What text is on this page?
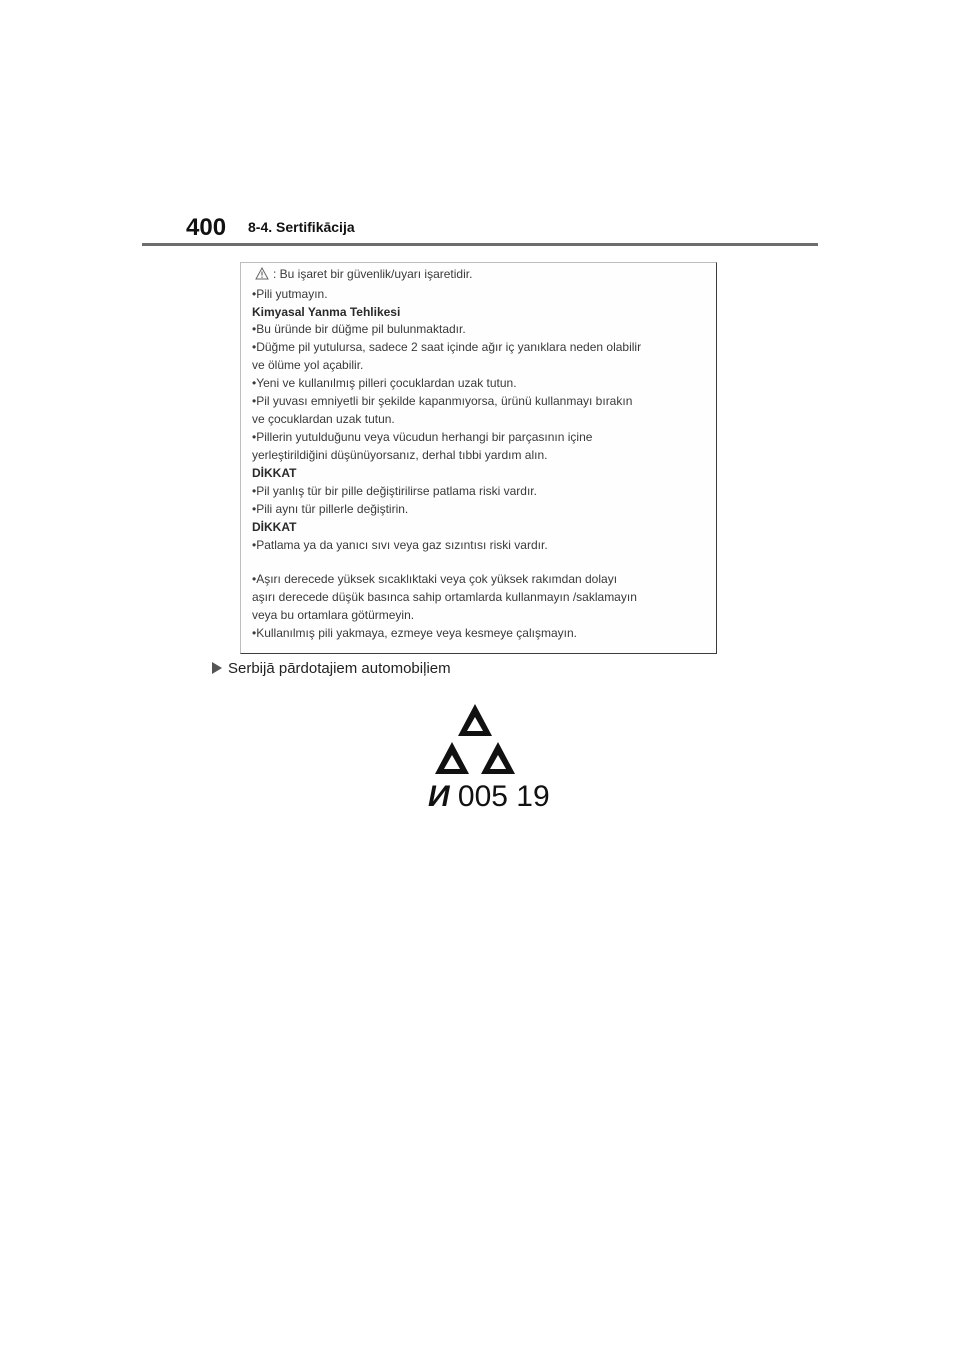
400 8-4. Sertifikācija
: Bu işaret bir güvenlik/uyarı işaretidir.
•Pili yutmayın.
Kimyasal Yanma Tehlikesi
•Bu üründe bir düğme pil bulunmaktadır.
•Düğme pil yutulursa, sadece 2 saat içinde ağır iç yanıklara neden olabilir
ve ölüme yol açabilir.
•Yeni ve kullanılmış pilleri çocuklardan uzak tutun.
•Pil yuvası emniyetli bir şekilde kapanmıyorsa, ürünü kullanmayı bırakın
ve çocuklardan uzak tutun.
•Pillerin yutulduğunu veya vücudun herhangi bir parçasının içine
yerleştirildiğini düşünüyorsanız, derhal tıbbi yardım alın.
DİKKAT
•Pil yanlış tür bir pille değiştirilirse patlama riski vardır.
•Pili aynı tür pillerle değiştirin.
DİKKAT
•Patlama ya da yanıcı sıvı veya gaz sızıntısı riski vardır.
•Aşırı derecede yüksek sıcaklıktaki veya çok yüksek rakımdan dolayı
aşırı derecede düşük basınca sahip ortamlarda kullanmayın /saklamayın
veya bu ortamlara götürmeyin.
•Kullanılmış pili yakmaya, ezmeye veya kesmeye çalışmayın.
Serbijā pārdotajiem automobiļiem
И 005 19
